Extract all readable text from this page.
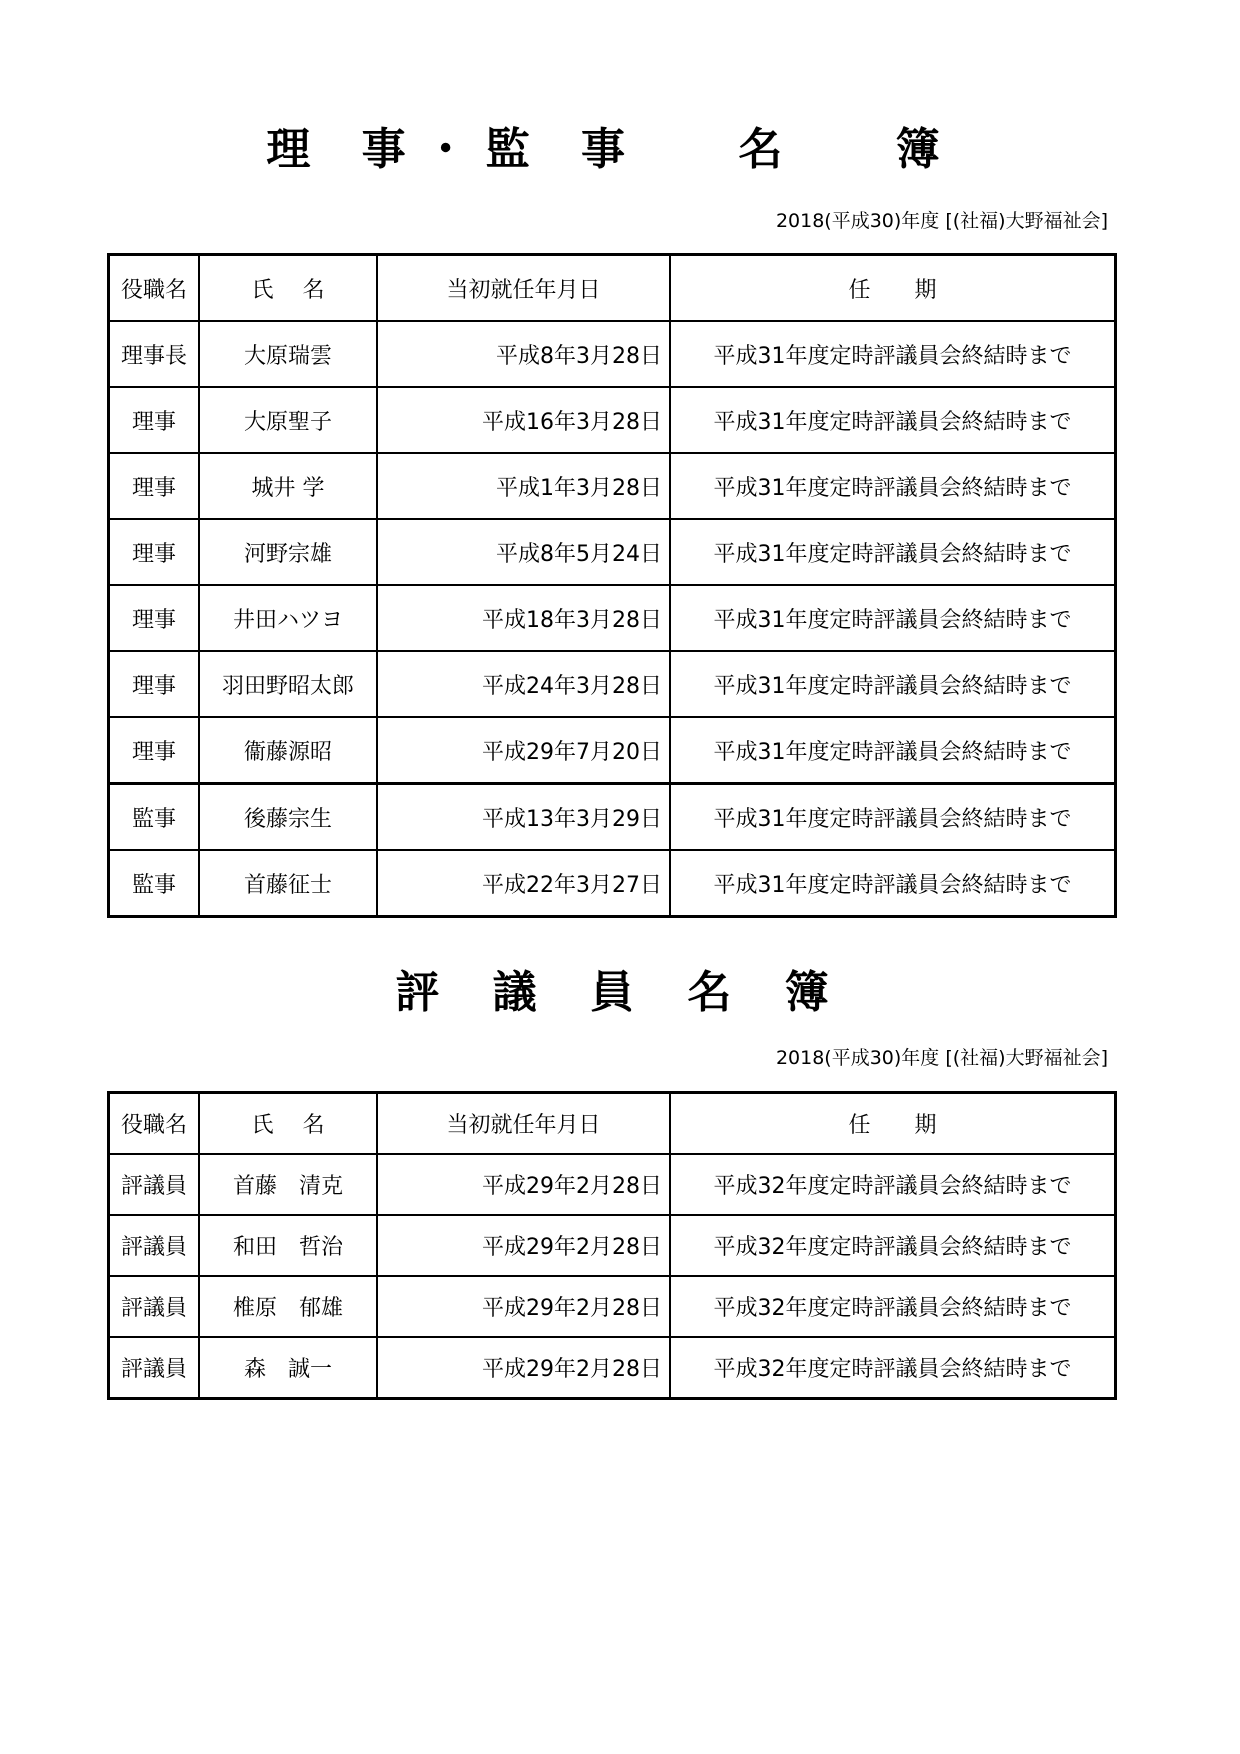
理 事・監 事　 名　 簿
2018(平成30)年度 [(社福)大野福祉会]
役職名	氏　 名	当初就任年月日	任　　期
理事長	大原瑞雲	平成8年3月28日	平成31年度定時評議員会終結時まで
理事	大原聖子	平成16年3月28日	平成31年度定時評議員会終結時まで
理事	城井 学	平成1年3月28日	平成31年度定時評議員会終結時まで
理事	河野宗雄	平成8年5月24日	平成31年度定時評議員会終結時まで
理事	井田ハツヨ	平成18年3月28日	平成31年度定時評議員会終結時まで
理事	羽田野昭太郎	平成24年3月28日	平成31年度定時評議員会終結時まで
理事	衞藤源昭	平成29年7月20日	平成31年度定時評議員会終結時まで
監事	後藤宗生	平成13年3月29日	平成31年度定時評議員会終結時まで
監事	首藤征士	平成22年3月27日	平成31年度定時評議員会終結時まで
評 議 員 名 簿
2018(平成30)年度 [(社福)大野福祉会]
役職名	氏　 名	当初就任年月日	任　　期
評議員	首藤　清克	平成29年2月28日	平成32年度定時評議員会終結時まで
評議員	和田　哲治	平成29年2月28日	平成32年度定時評議員会終結時まで
評議員	椎原　郁雄	平成29年2月28日	平成32年度定時評議員会終結時まで
評議員	森　誠一	平成29年2月28日	平成32年度定時評議員会終結時まで
